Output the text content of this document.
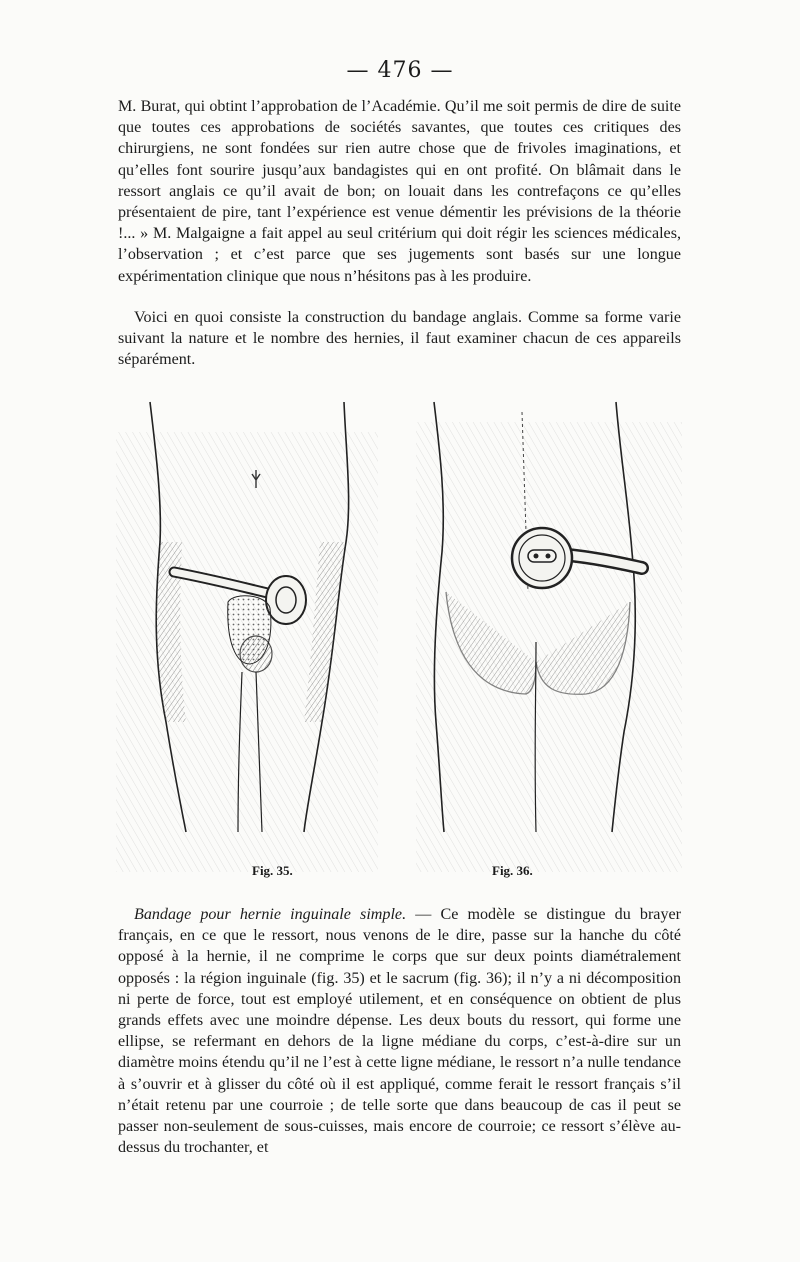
— 476 —

M. Burat, qui obtint l’approbation de l’Académie. Qu’il me soit permis de dire de suite que toutes ces approbations de sociétés savantes, que toutes ces critiques des chirurgiens, ne sont fondées sur rien autre chose que de frivoles imaginations, et qu’elles font sourire jusqu’aux bandagistes qui en ont profité. On blâmait dans le ressort anglais ce qu’il avait de bon; on louait dans les contrefaçons ce qu’elles présentaient de pire, tant l’expérience est venue démentir les prévisions de la théorie !... » M. Malgaigne a fait appel au seul critérium qui doit régir les sciences médicales, l’observation ; et c’est parce que ses jugements sont basés sur une longue expérimentation clinique que nous n’hésitons pas à les produire.

Voici en quoi consiste la construction du bandage anglais. Comme sa forme varie suivant la nature et le nombre des hernies, il faut examiner chacun de ces appareils séparément.

Bandage pour hernie inguinale simple. — Ce modèle se distingue du brayer français, en ce que le ressort, nous venons de le dire, passe sur la hanche du côté opposé à la hernie, il ne comprime le corps que sur deux points diamétralement opposés : la région inguinale (fig. 35) et le sacrum (fig. 36); il n’y a ni décomposition ni perte de force, tout est employé utilement, et en conséquence on obtient de plus grands effets avec une moindre dépense. Les deux bouts du ressort, qui forme une ellipse, se refermant en dehors de la ligne médiane du corps, c’est-à-dire sur un diamètre moins étendu qu’il ne l’est à cette ligne médiane, le ressort n’a nulle tendance à s’ouvrir et à glisser du côté où il est appliqué, comme ferait le ressort français s’il n’était retenu par une courroie ; de telle sorte que dans beaucoup de cas il peut se passer non-seulement de sous-cuisses, mais encore de courroie; ce ressort s’élève au-dessus du trochanter, et

Fig. 35.	Fig. 36.
